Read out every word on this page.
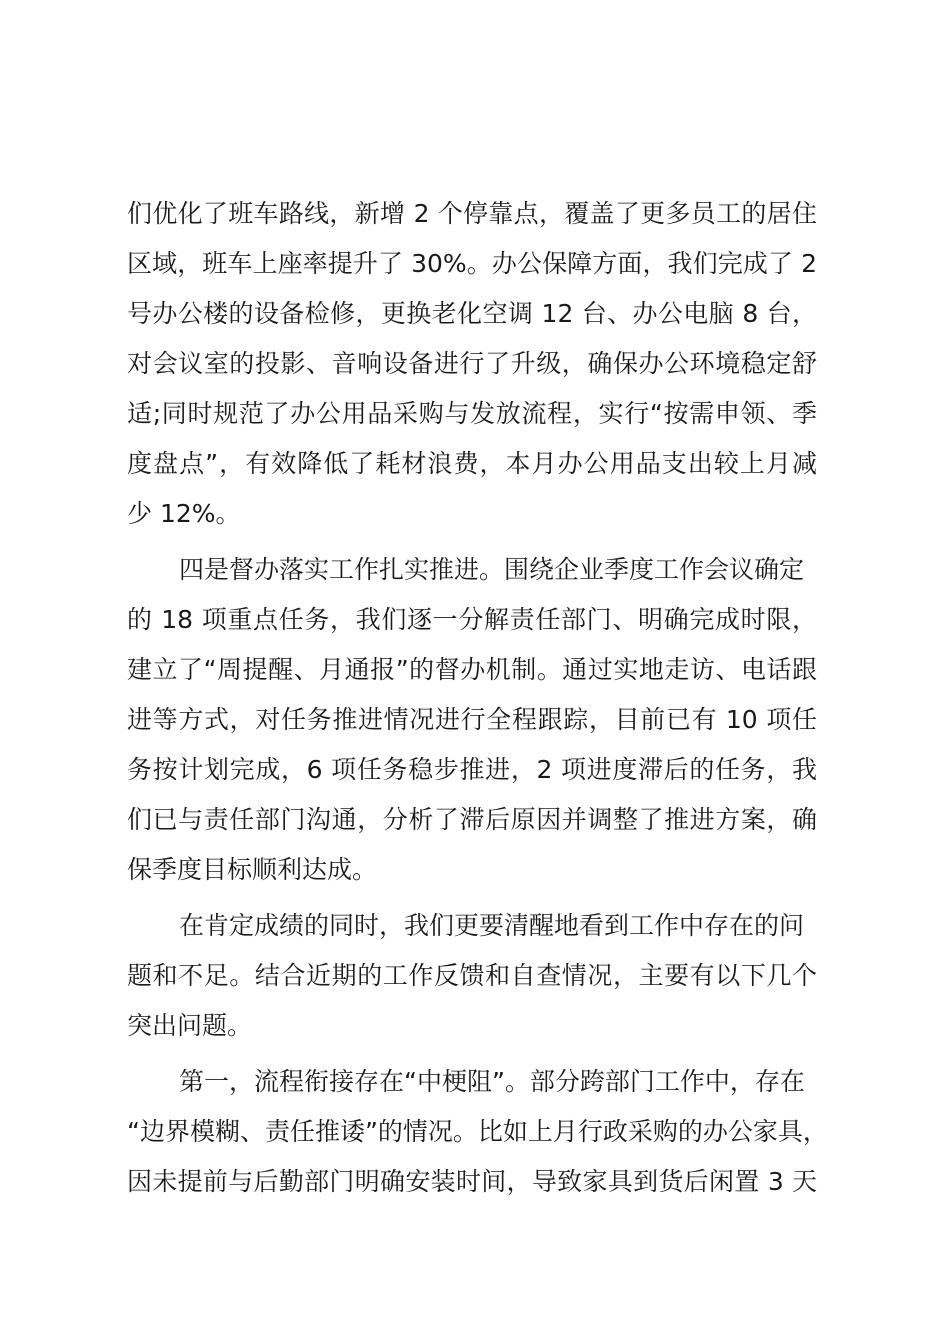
们优化了班车路线，新增 2 个停靠点，覆盖了更多员工的居住
区域，班车上座率提升了 30%。办公保障方面，我们完成了 2
号办公楼的设备检修，更换老化空调 12 台、办公电脑 8 台，
对会议室的投影、音响设备进行了升级，确保办公环境稳定舒
适;同时规范了办公用品采购与发放流程，实行“按需申领、季
度盘点”，有效降低了耗材浪费，本月办公用品支出较上月减
少 12%。
四是督办落实工作扎实推进。围绕企业季度工作会议确定
的 18 项重点任务，我们逐一分解责任部门、明确完成时限，
建立了“周提醒、月通报”的督办机制。通过实地走访、电话跟
进等方式，对任务推进情况进行全程跟踪，目前已有 10 项任
务按计划完成，6 项任务稳步推进，2 项进度滞后的任务，我
们已与责任部门沟通，分析了滞后原因并调整了推进方案，确
保季度目标顺利达成。
在肯定成绩的同时，我们更要清醒地看到工作中存在的问
题和不足。结合近期的工作反馈和自查情况，主要有以下几个
突出问题。
第一，流程衔接存在“中梗阻”。部分跨部门工作中，存在
“边界模糊、责任推诿”的情况。比如上月行政采购的办公家具，
因未提前与后勤部门明确安装时间，导致家具到货后闲置 3 天
